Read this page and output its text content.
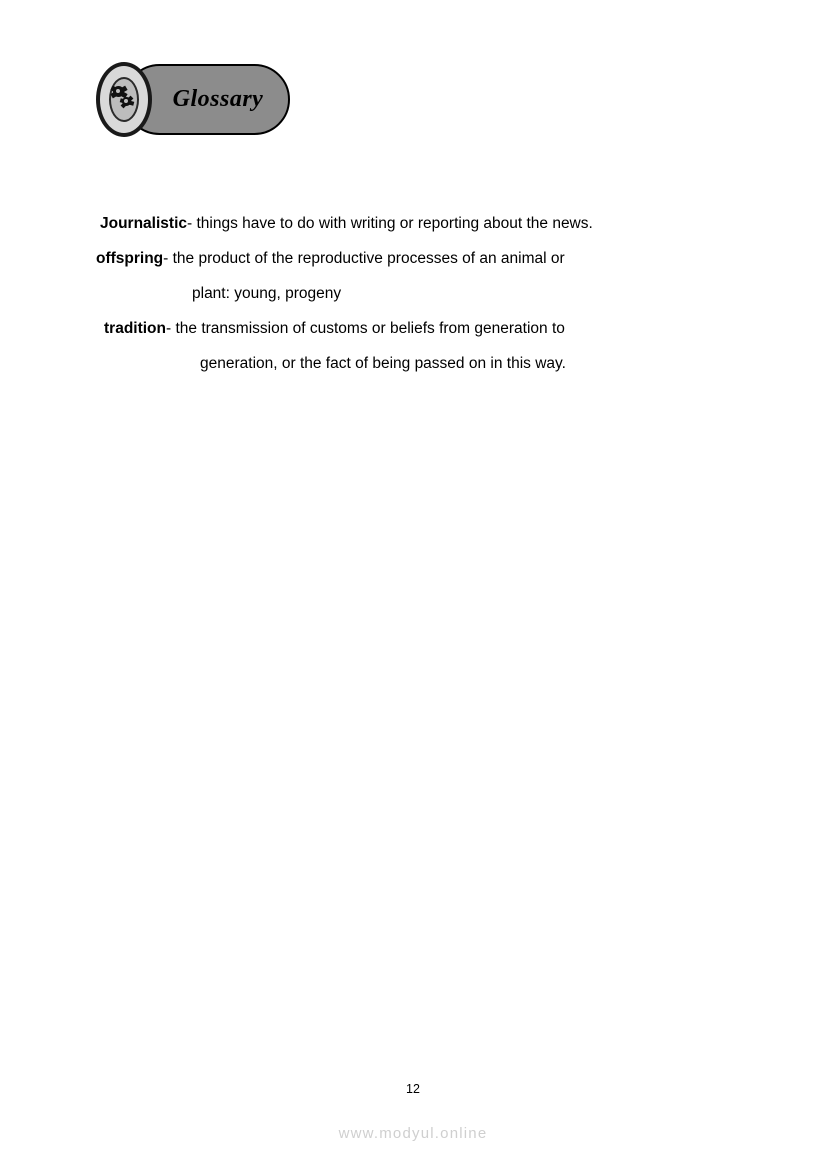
Glossary

Journalistic- things have to do with writing or reporting about the news.

offspring- the product of the reproductive processes of an animal or
plant: young, progeny

tradition- the transmission of customs or beliefs from generation to
generation, or the fact of being passed on in this way.

12
www.modyul.online
